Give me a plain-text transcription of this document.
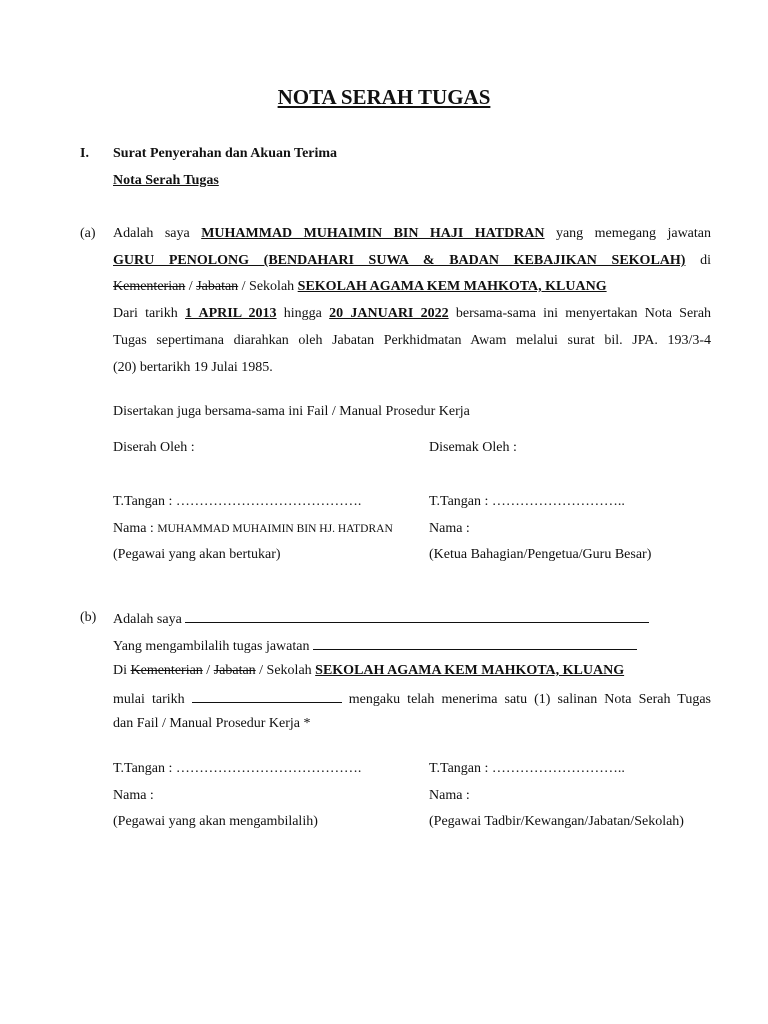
NOTA SERAH TUGAS
I. Surat Penyerahan dan Akuan Terima
Nota Serah Tugas
(a) Adalah saya MUHAMMAD MUHAIMIN BIN HAJI HATDRAN yang memegang jawatan
GURU PENOLONG (BENDAHARI SUWA & BADAN KEBAJIKAN SEKOLAH) di
Kementerian / Jabatan / Sekolah SEKOLAH AGAMA KEM MAHKOTA, KLUANG
Dari tarikh 1 APRIL 2013 hingga 20 JANUARI 2022 bersama-sama ini menyertakan Nota Serah
Tugas sepertimana diarahkan oleh Jabatan Perkhidmatan Awam melalui surat bil. JPA. 193/3-4
(20) bertarikh 19 Julai 1985.
Disertakan juga bersama-sama ini Fail / Manual Prosedur Kerja
Diserah Oleh :	Disemak Oleh :
T.Tangan : ………………………………….	T.Tangan : ………………………..
Nama : MUHAMMAD MUHAIMIN BIN HJ. HATDRAN	Nama :
(Pegawai yang akan bertukar)	(Ketua Bahagian/Pengetua/Guru Besar)
(b) Adalah saya
Yang mengambilalih tugas jawatan
Di Kementerian / Jabatan / Sekolah SEKOLAH AGAMA KEM MAHKOTA, KLUANG
mulai tarikh	mengaku telah menerima satu (1) salinan Nota Serah Tugas
dan Fail / Manual Prosedur Kerja *
T.Tangan : ………………………………….	T.Tangan : ………………………..
Nama :	Nama :
(Pegawai yang akan mengambilalih)	(Pegawai Tadbir/Kewangan/Jabatan/Sekolah)
